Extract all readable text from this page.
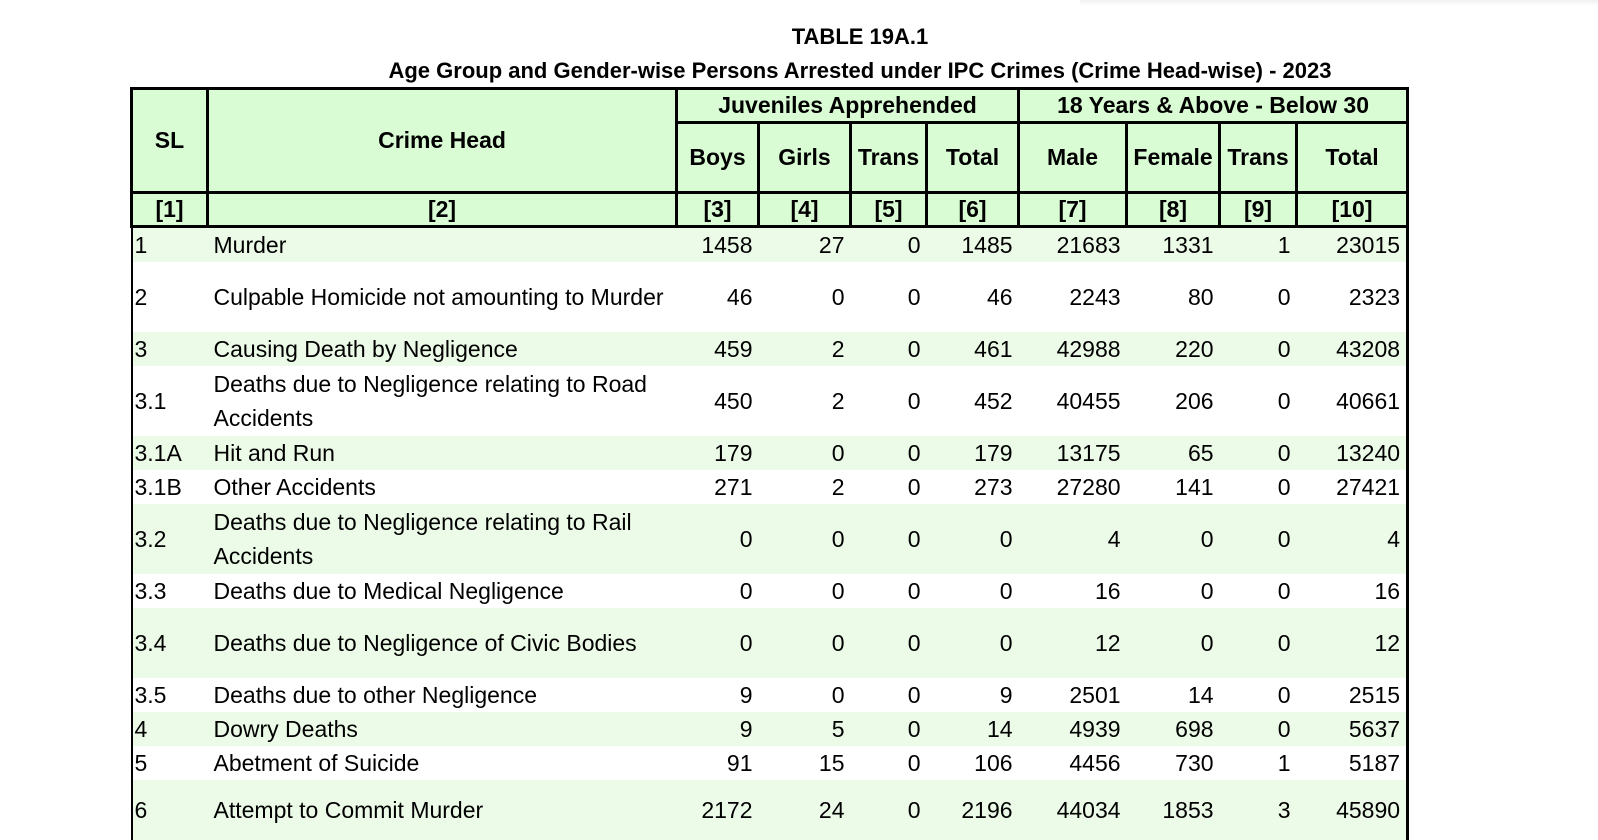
TABLE 19A.1
Age Group and Gender-wise Persons Arrested under IPC Crimes (Crime Head-wise) - 2023
SL	Crime Head	Juveniles Apprehended				18 Years & Above - Below 30			
		Boys	Girls	Trans	Total	Male	Female	Trans	Total
[1]	[2]	[3]	[4]	[5]	[6]	[7]	[8]	[9]	[10]
1	Murder	1458	27	0	1485	21683	1331	1	23015
2	Culpable Homicide not amounting to Murder	46	0	0	46	2243	80	0	2323
3	Causing Death by Negligence	459	2	0	461	42988	220	0	43208
3.1	Deaths due to Negligence relating to Road Accidents	450	2	0	452	40455	206	0	40661
3.1A	Hit and Run	179	0	0	179	13175	65	0	13240
3.1B	Other Accidents	271	2	0	273	27280	141	0	27421
3.2	Deaths due to Negligence relating to Rail Accidents	0	0	0	0	4	0	0	4
3.3	Deaths due to Medical Negligence	0	0	0	0	16	0	0	16
3.4	Deaths due to Negligence of Civic Bodies	0	0	0	0	12	0	0	12
3.5	Deaths due to other Negligence	9	0	0	9	2501	14	0	2515
4	Dowry Deaths	9	5	0	14	4939	698	0	5637
5	Abetment of Suicide	91	15	0	106	4456	730	1	5187
6	Attempt to Commit Murder	2172	24	0	2196	44034	1853	3	45890
